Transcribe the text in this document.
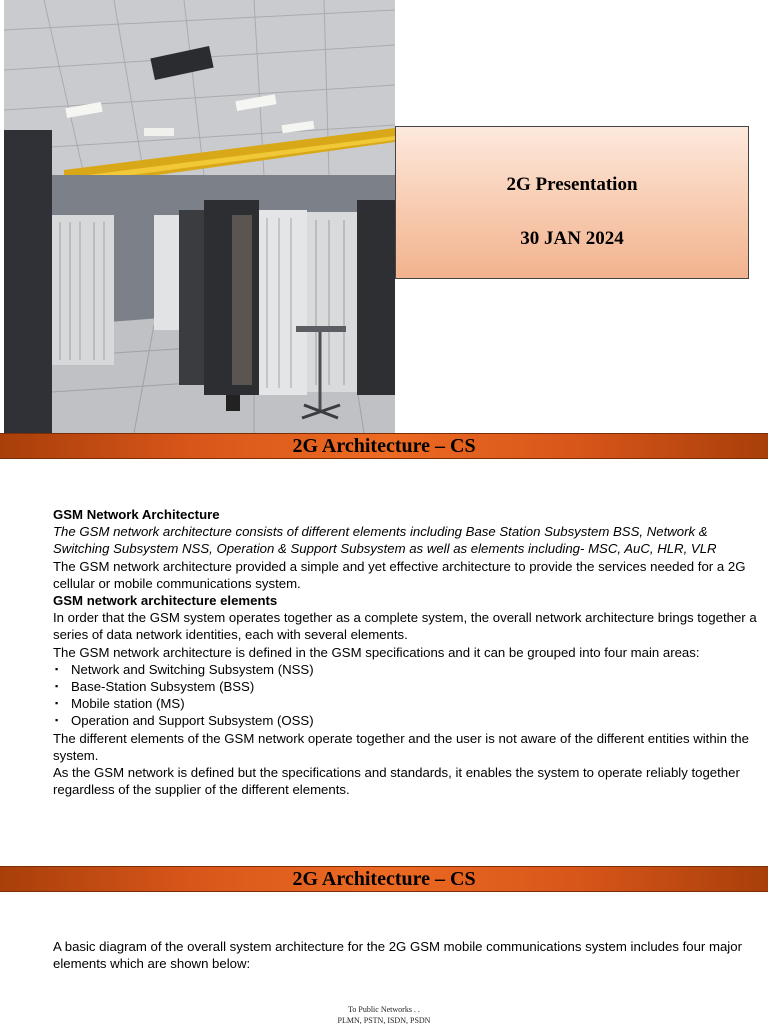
2G Presentation
30 JAN 2024
2G Architecture – CS

GSM Network Architecture

The GSM network architecture consists of different elements including Base Station Subsystem BSS, Network & Switching Subsystem NSS, Operation & Support Subsystem as well as elements including- MSC, AuC, HLR, VLR

The GSM network architecture provided a simple and yet effective architecture to provide the services needed for a 2G cellular or mobile communications system.

GSM network architecture elements

In order that the GSM system operates together as a complete system, the overall network architecture brings together a series of data network identities, each with several elements.

The GSM network architecture is defined in the GSM specifications and it can be grouped into four main areas:

▪ Network and Switching Subsystem (NSS)
▪ Base-Station Subsystem (BSS)
▪ Mobile station (MS)
▪ Operation and Support Subsystem (OSS)

The different elements of the GSM network operate together and the user is not aware of the different entities within the system.

As the GSM network is defined but the specifications and standards, it enables the system to operate reliably together regardless of the supplier of the different elements.

2G Architecture – CS

A basic diagram of the overall system architecture for the 2G GSM mobile communications system includes four major elements which are shown below:

To Public Networks . .
PLMN, PSTN, ISDN, PSDN
